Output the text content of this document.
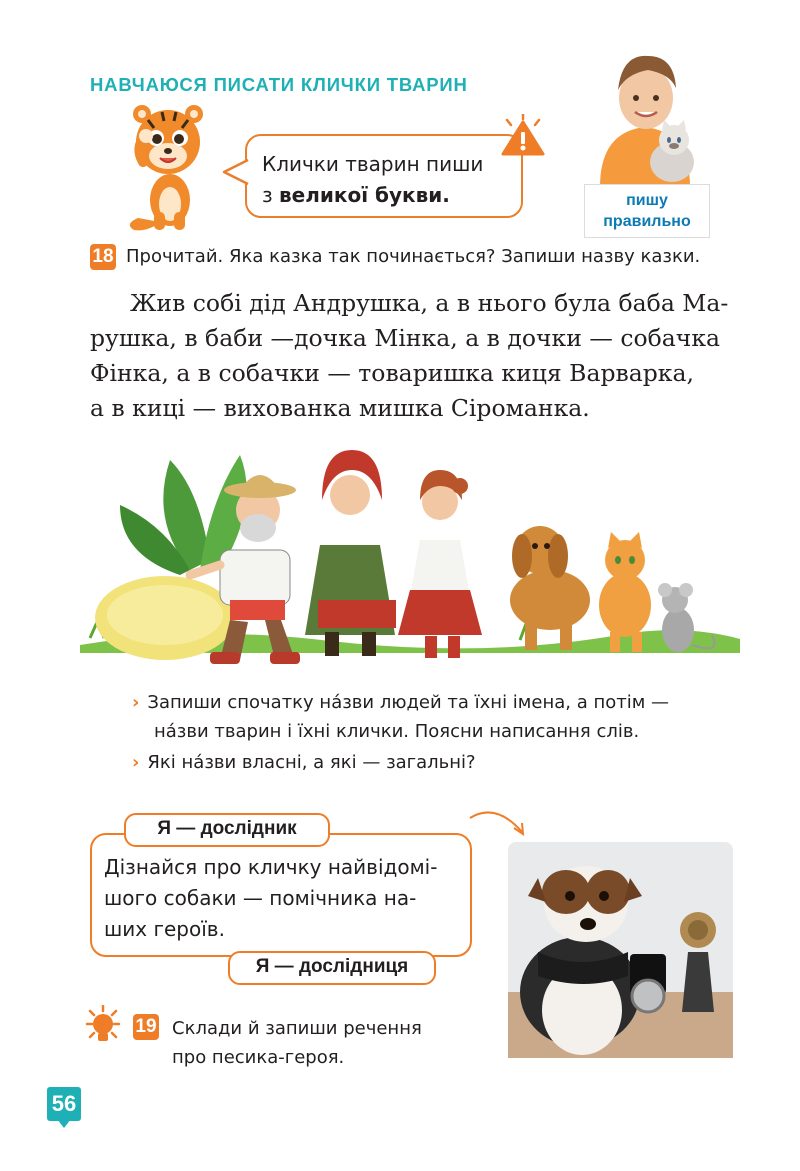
НАВЧАЮСЯ ПИСАТИ КЛИЧКИ ТВАРИН
Клички тварин пиши
з великої букви.	пишу
правильно
18 Прочитай. Яка казка так починається? Запиши назву казки.
Жив собі дід Андрушка, а в нього була баба Ма-
рушка, в баби —дочка Мінка, а в дочки — собачка
Фінка, а в собачки — товаришка киця Варварка,
а в киці — вихованка мишка Сіроманка.
› Запиши спочатку на́зви людей та їхні імена, а потім —
на́зви тварин і їхні клички. Поясни написання слів.
› Які на́зви власні, а які — загальні?
Я — дослідник
Дізнайся про кличку найвідомі-
шого собаки — помічника на-
ших героїв.
Я — дослідниця
19 Склади й запиши речення
про песика-героя.
56
